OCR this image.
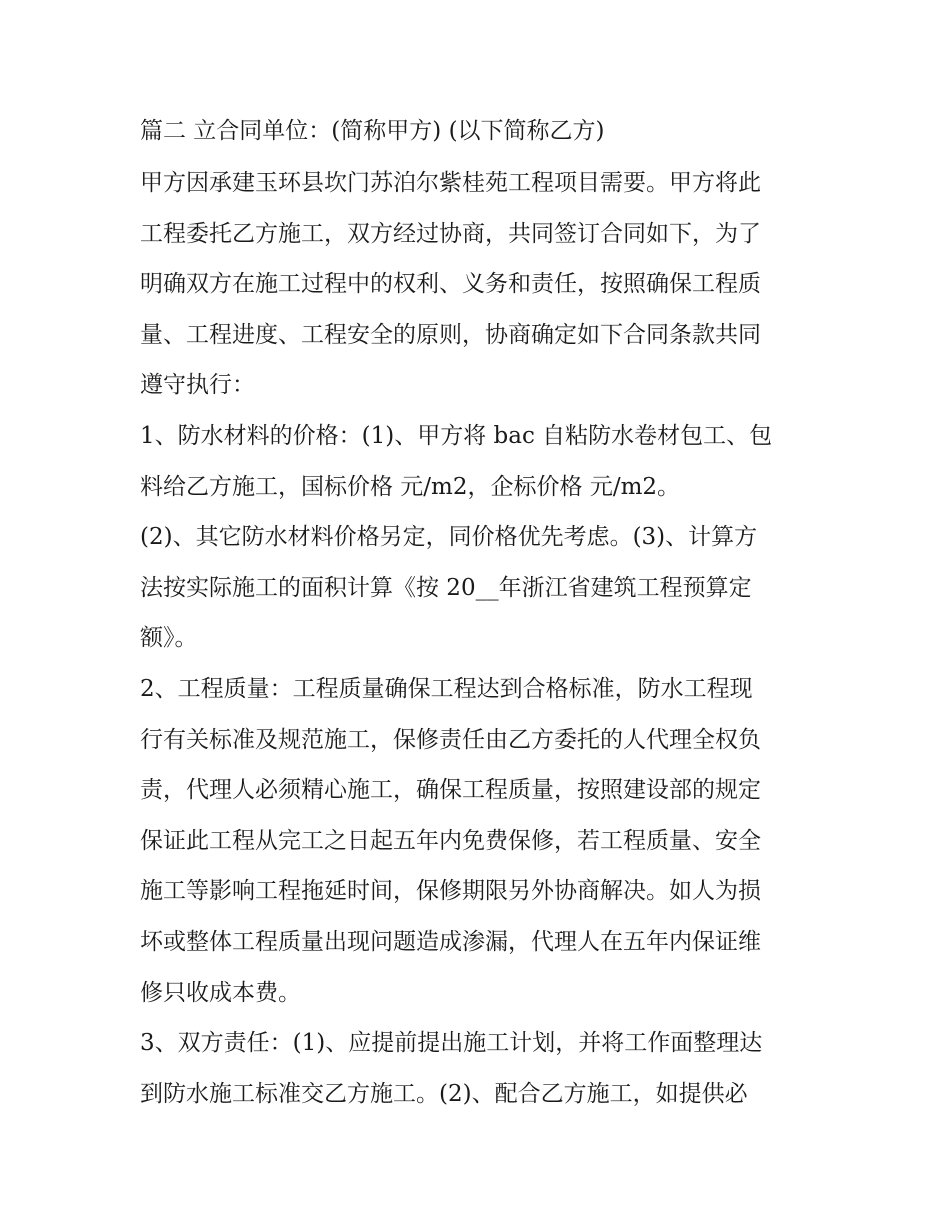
篇二 立合同单位：(简称甲方) (以下简称乙方)

甲方因承建玉环县坎门苏泊尔紫桂苑工程项目需要。甲方将此

工程委托乙方施工，双方经过协商，共同签订合同如下，为了

明确双方在施工过程中的权利、义务和责任，按照确保工程质

量、工程进度、工程安全的原则，协商确定如下合同条款共同

遵守执行：

1、防水材料的价格：(1)、甲方将 bac 自粘防水卷材包工、包

料给乙方施工，国标价格 元/m2，企标价格 元/m2。

(2)、其它防水材料价格另定，同价格优先考虑。(3)、计算方

法按实际施工的面积计算《按 20__年浙江省建筑工程预算定

额》。

2、工程质量：工程质量确保工程达到合格标准，防水工程现

行有关标准及规范施工，保修责任由乙方委托的人代理全权负

责，代理人必须精心施工，确保工程质量，按照建设部的规定

保证此工程从完工之日起五年内免费保修，若工程质量、安全

施工等影响工程拖延时间，保修期限另外协商解决。如人为损

坏或整体工程质量出现问题造成渗漏，代理人在五年内保证维

修只收成本费。

3、双方责任：(1)、应提前提出施工计划，并将工作面整理达

到防水施工标准交乙方施工。(2)、配合乙方施工，如提供必
